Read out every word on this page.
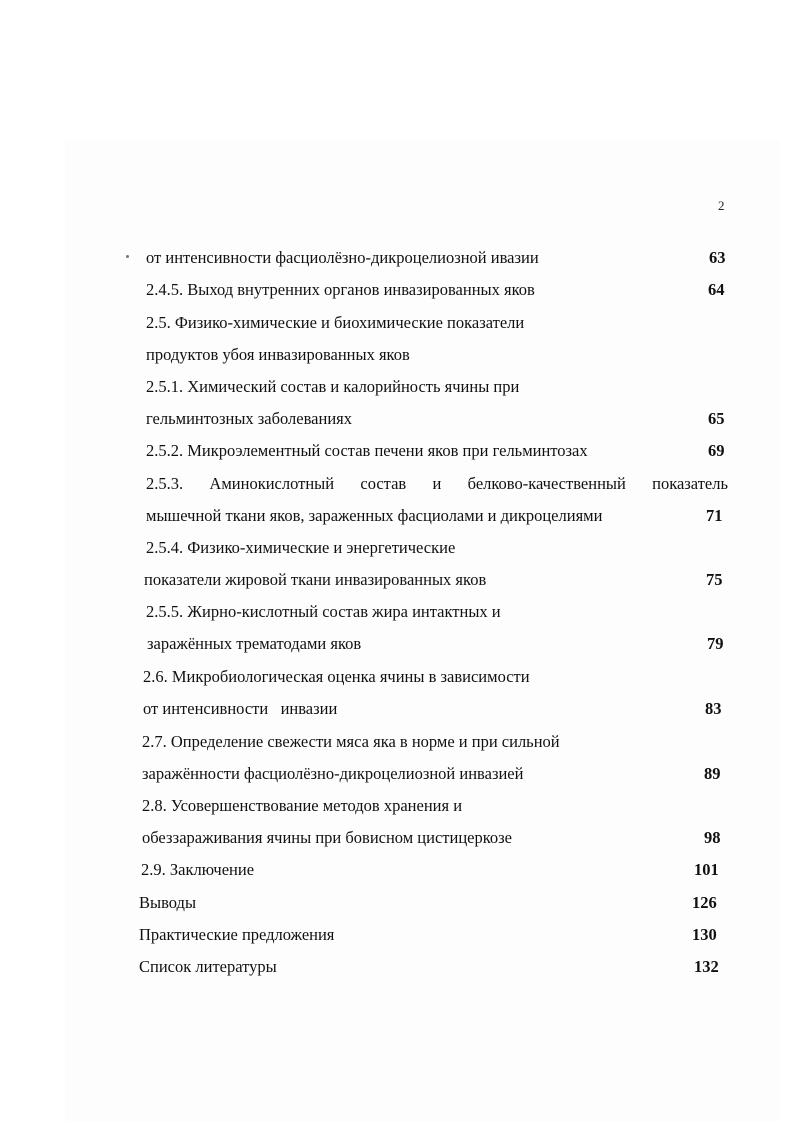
2
от интенсивности фасциолёзно-дикроцелиозной ивазии	63
2.4.5. Выход внутренних органов инвазированных яков	64
2.5. Физико-химические и биохимические показатели
продуктов убоя инвазированных яков
2.5.1. Химический состав и калорийность ячины при
гельминтозных заболеваниях	65
2.5.2. Микроэлементный состав печени яков при гельминтозах	69
2.5.3. Аминокислотный состав и белково-качественный показатель
мышечной ткани яков, зараженных фасциолами и дикроцелиями	71
2.5.4. Физико-химические и энергетические
показатели жировой ткани инвазированных яков	75
2.5.5. Жирно-кислотный состав жира интактных и
заражённых трематодами яков	79
2.6. Микробиологическая оценка ячины в зависимости
от интенсивности   инвазии	83
2.7. Определение свежести мяса яка в норме и при сильной
заражённости фасциолёзно-дикроцелиозной инвазией	89
2.8. Усовершенствование методов хранения и
обеззараживания ячины при бовисном цистицеркозе	98
2.9. Заключение	101
Выводы	126
Практические предложения	130
Список литературы	132
